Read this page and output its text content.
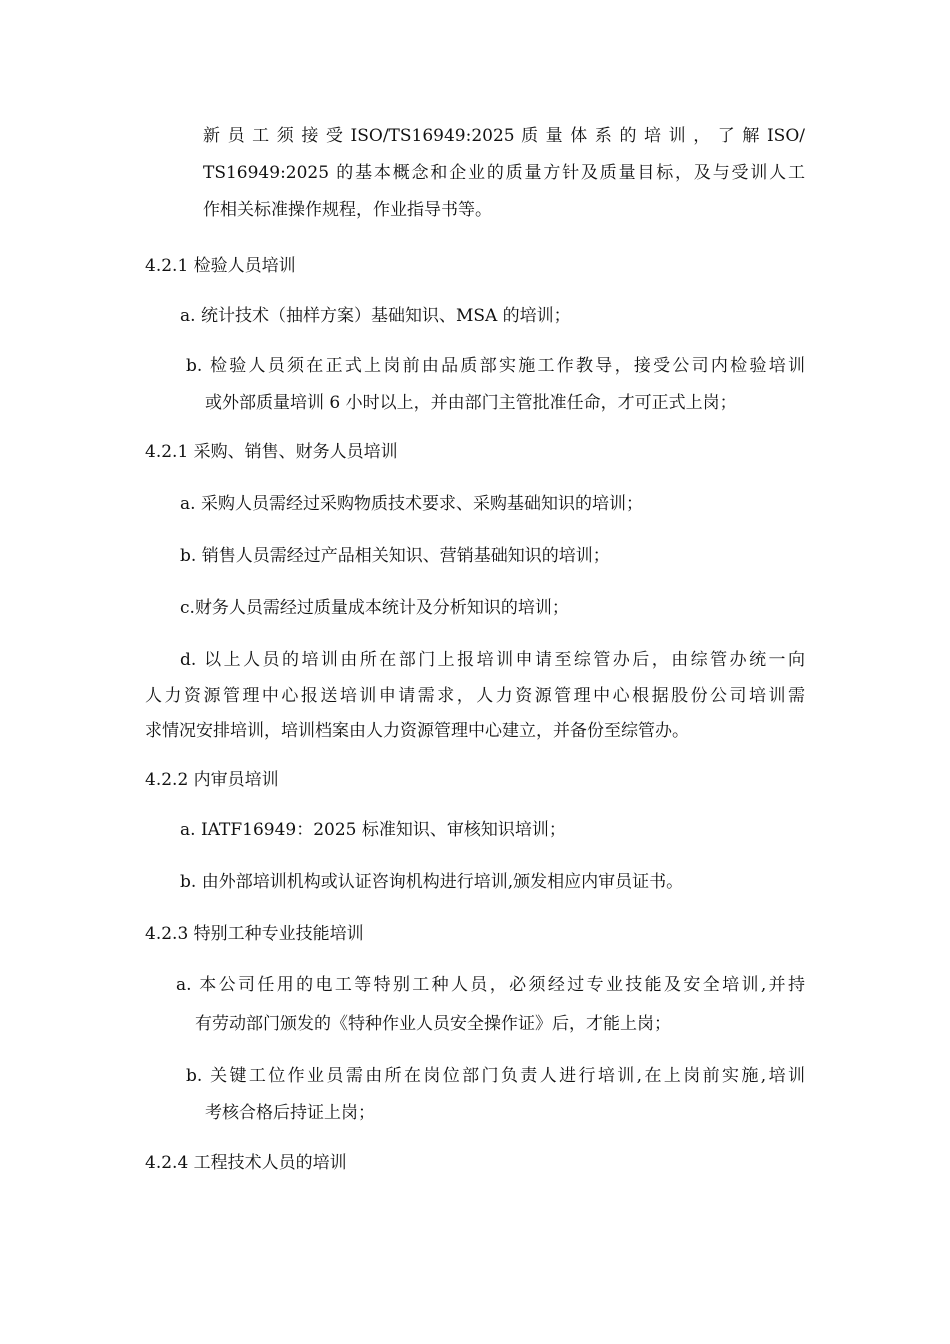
新 员 工 须 接 受 ISO/TS16949:2025 质 量 体 系 的 培 训 ， 了 解 ISO/
TS16949:2025 的基本概念和企业的质量方针及质量目标，及与受训人工
作相关标准操作规程，作业指导书等。
4.2.1 检验人员培训
a. 统计技术（抽样方案）基础知识、MSA 的培训；
b. 检验人员须在正式上岗前由品质部实施工作教导，接受公司内检验培训
或外部质量培训 6 小时以上，并由部门主管批准任命，才可正式上岗；
4.2.1 采购、销售、财务人员培训
a. 采购人员需经过采购物质技术要求、采购基础知识的培训；
b. 销售人员需经过产品相关知识、营销基础知识的培训；
c.财务人员需经过质量成本统计及分析知识的培训；
d. 以上人员的培训由所在部门上报培训申请至综管办后，由综管办统一向
人力资源管理中心报送培训申请需求，人力资源管理中心根据股份公司培训需
求情况安排培训，培训档案由人力资源管理中心建立，并备份至综管办。
4.2.2 内审员培训
a. IATF16949：2025 标准知识、审核知识培训；
b. 由外部培训机构或认证咨询机构进行培训,颁发相应内审员证书。
4.2.3 特别工种专业技能培训
a. 本公司任用的电工等特别工种人员，必须经过专业技能及安全培训,并持
有劳动部门颁发的《特种作业人员安全操作证》后，才能上岗；
b. 关键工位作业员需由所在岗位部门负责人进行培训,在上岗前实施,培训
考核合格后持证上岗；
4.2.4 工程技术人员的培训
